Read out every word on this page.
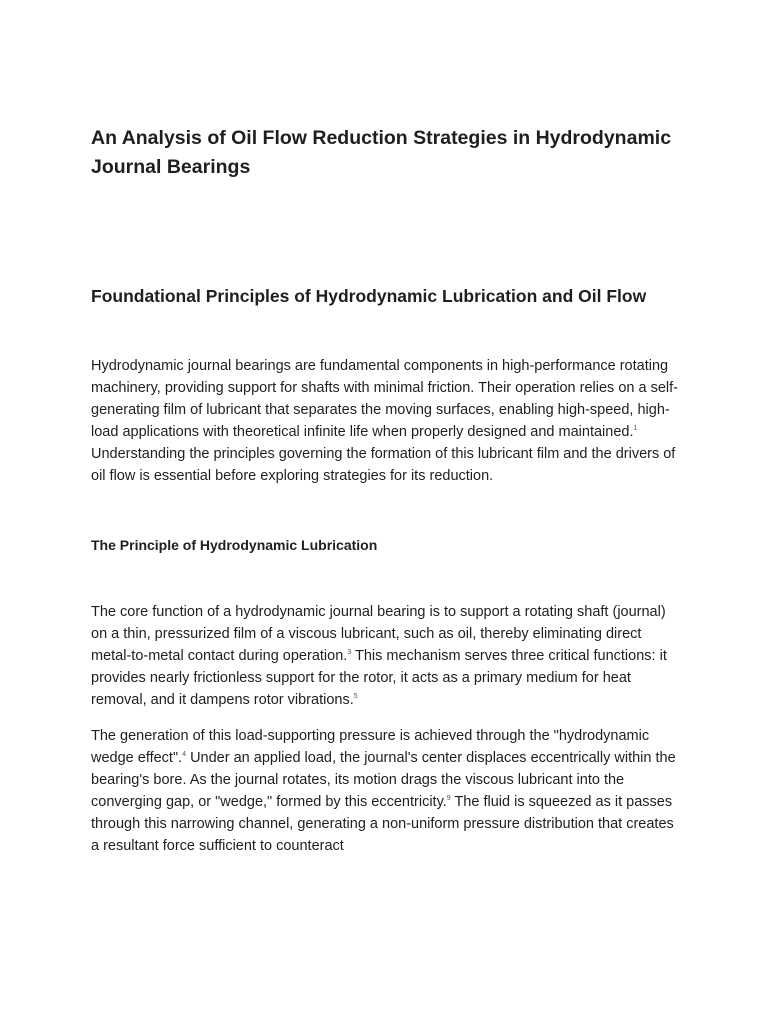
An Analysis of Oil Flow Reduction Strategies in Hydrodynamic Journal Bearings
Foundational Principles of Hydrodynamic Lubrication and Oil Flow

Hydrodynamic journal bearings are fundamental components in high-performance rotating machinery, providing support for shafts with minimal friction. Their operation relies on a self-generating film of lubricant that separates the moving surfaces, enabling high-speed, high-load applications with theoretical infinite life when properly designed and maintained.$^1$ Understanding the principles governing the formation of this lubricant film and the drivers of oil flow is essential before exploring strategies for its reduction.

The Principle of Hydrodynamic Lubrication

The core function of a hydrodynamic journal bearing is to support a rotating shaft (journal) on a thin, pressurized film of a viscous lubricant, such as oil, thereby eliminating direct metal-to-metal contact during operation.$^3$ This mechanism serves three critical functions: it provides nearly frictionless support for the rotor, it acts as a primary medium for heat removal, and it dampens rotor vibrations.$^5$

The generation of this load-supporting pressure is achieved through the "hydrodynamic wedge effect".$^4$ Under an applied load, the journal's center displaces eccentrically within the bearing's bore. As the journal rotates, its motion drags the viscous lubricant into the converging gap, or "wedge," formed by this eccentricity.$^9$ The fluid is squeezed as it passes through this narrowing channel, generating a non-uniform pressure distribution that creates a resultant force sufficient to counteract
